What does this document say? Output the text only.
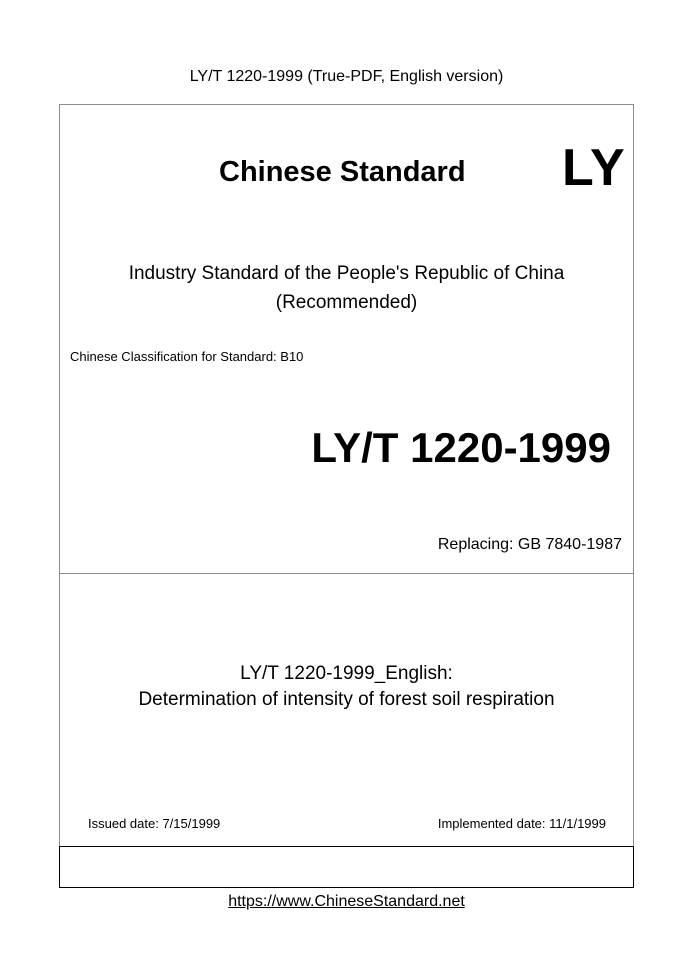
LY/T 1220-1999 (True-PDF, English version)
Chinese Standard LY
Industry Standard of the People's Republic of China
(Recommended)
Chinese Classification for Standard: B10
LY/T 1220-1999
Replacing: GB 7840-1987
LY/T 1220-1999_English:
Determination of intensity of forest soil respiration
Issued date: 7/15/1999	Implemented date: 11/1/1999
https://www.ChineseStandard.net
